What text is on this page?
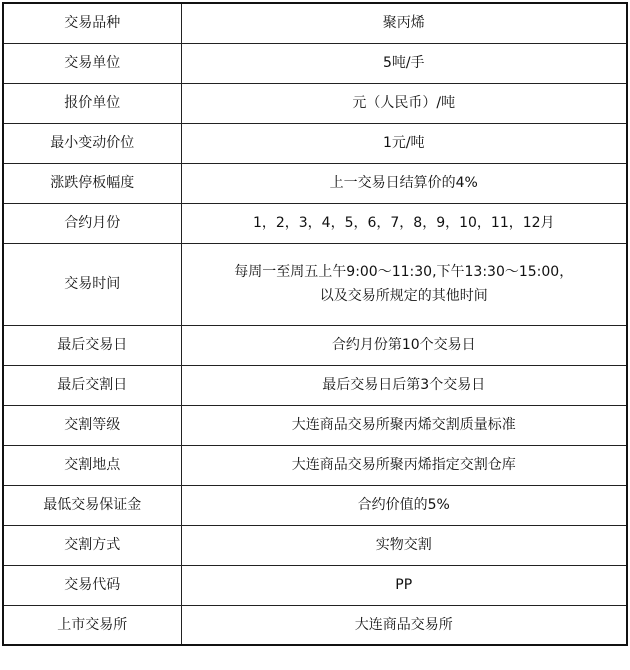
交易品种	聚丙烯
交易单位	5吨/手
报价单位	元（人民币）/吨
最小变动价位	1元/吨
涨跌停板幅度	上一交易日结算价的4%
合约月份	1，2，3，4，5，6，7，8，9，10，11，12月
交易时间	每周一至周五上午9:00～11:30,下午13:30～15:00，
以及交易所规定的其他时间

最后交易日	合约月份第10个交易日
最后交割日	最后交易日后第3个交易日
交割等级	大连商品交易所聚丙烯交割质量标准
交割地点	大连商品交易所聚丙烯指定交割仓库
最低交易保证金	合约价值的5%
交割方式	实物交割
交易代码	PP
上市交易所	大连商品交易所
